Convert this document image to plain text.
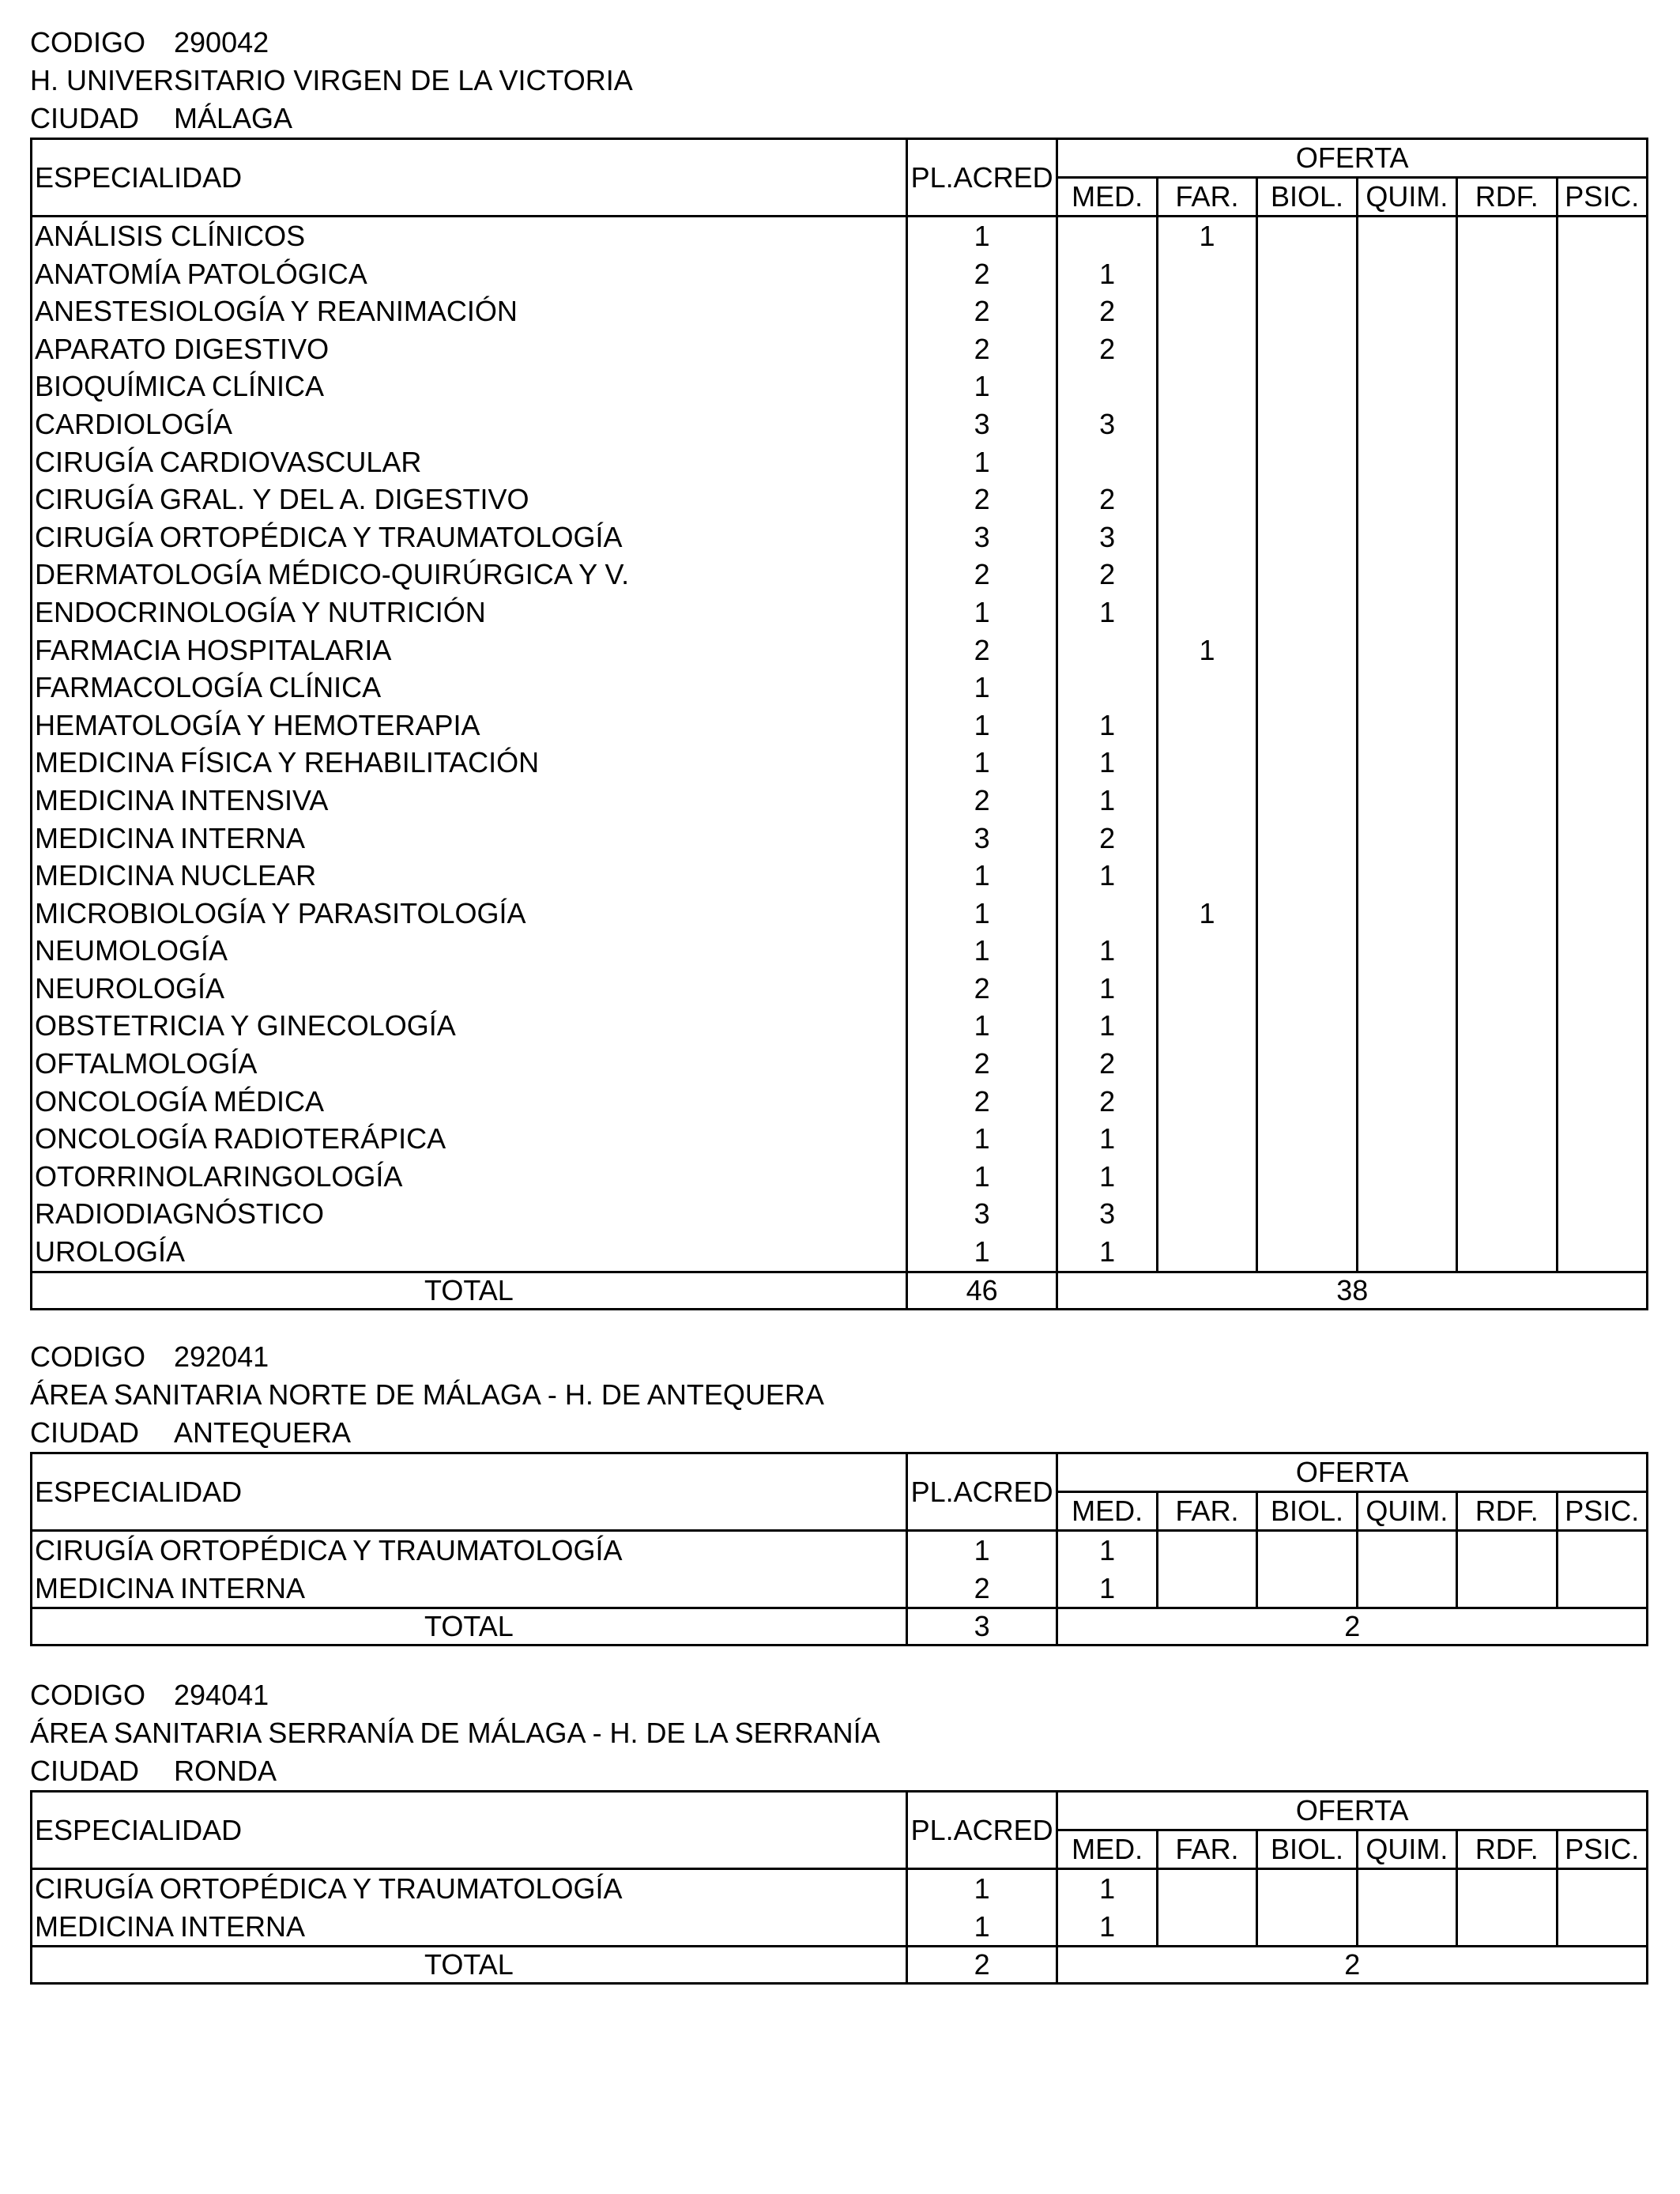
CODIGO 290042
H. UNIVERSITARIO VIRGEN DE LA VICTORIA
CIUDAD MÁLAGA
ESPECIALIDAD	PL.ACRED	OFERTA					
		MED.	FAR.	BIOL.	QUIM.	RDF.	PSIC.
ANÁLISIS CLÍNICOS	1		1				
ANATOMÍA PATOLÓGICA	2	1					
ANESTESIOLOGÍA Y REANIMACIÓN	2	2					
APARATO DIGESTIVO	2	2					
BIOQUÍMICA CLÍNICA	1						
CARDIOLOGÍA	3	3					
CIRUGÍA CARDIOVASCULAR	1						
CIRUGÍA GRAL. Y DEL A. DIGESTIVO	2	2					
CIRUGÍA ORTOPÉDICA Y TRAUMATOLOGÍA	3	3					
DERMATOLOGÍA MÉDICO-QUIRÚRGICA Y V.	2	2					
ENDOCRINOLOGÍA Y NUTRICIÓN	1	1					
FARMACIA HOSPITALARIA	2		1				
FARMACOLOGÍA CLÍNICA	1						
HEMATOLOGÍA Y HEMOTERAPIA	1	1					
MEDICINA FÍSICA Y REHABILITACIÓN	1	1					
MEDICINA INTENSIVA	2	1					
MEDICINA INTERNA	3	2					
MEDICINA NUCLEAR	1	1					
MICROBIOLOGÍA Y PARASITOLOGÍA	1		1				
NEUMOLOGÍA	1	1					
NEUROLOGÍA	2	1					
OBSTETRICIA Y GINECOLOGÍA	1	1					
OFTALMOLOGÍA	2	2					
ONCOLOGÍA MÉDICA	2	2					
ONCOLOGÍA RADIOTERÁPICA	1	1					
OTORRINOLARINGOLOGÍA	1	1					
RADIODIAGNÓSTICO	3	3					
UROLOGÍA	1	1					
TOTAL	46	38					
CODIGO 292041
ÁREA SANITARIA NORTE DE MÁLAGA - H. DE ANTEQUERA
CIUDAD ANTEQUERA
ESPECIALIDAD	PL.ACRED	OFERTA					
		MED.	FAR.	BIOL.	QUIM.	RDF.	PSIC.
CIRUGÍA ORTOPÉDICA Y TRAUMATOLOGÍA	1	1					
MEDICINA INTERNA	2	1					
TOTAL	3	2					
CODIGO 294041
ÁREA SANITARIA SERRANÍA DE MÁLAGA - H. DE LA SERRANÍA
CIUDAD RONDA
ESPECIALIDAD	PL.ACRED	OFERTA					
		MED.	FAR.	BIOL.	QUIM.	RDF.	PSIC.
CIRUGÍA ORTOPÉDICA Y TRAUMATOLOGÍA	1	1					
MEDICINA INTERNA	1	1					
TOTAL	2	2					
